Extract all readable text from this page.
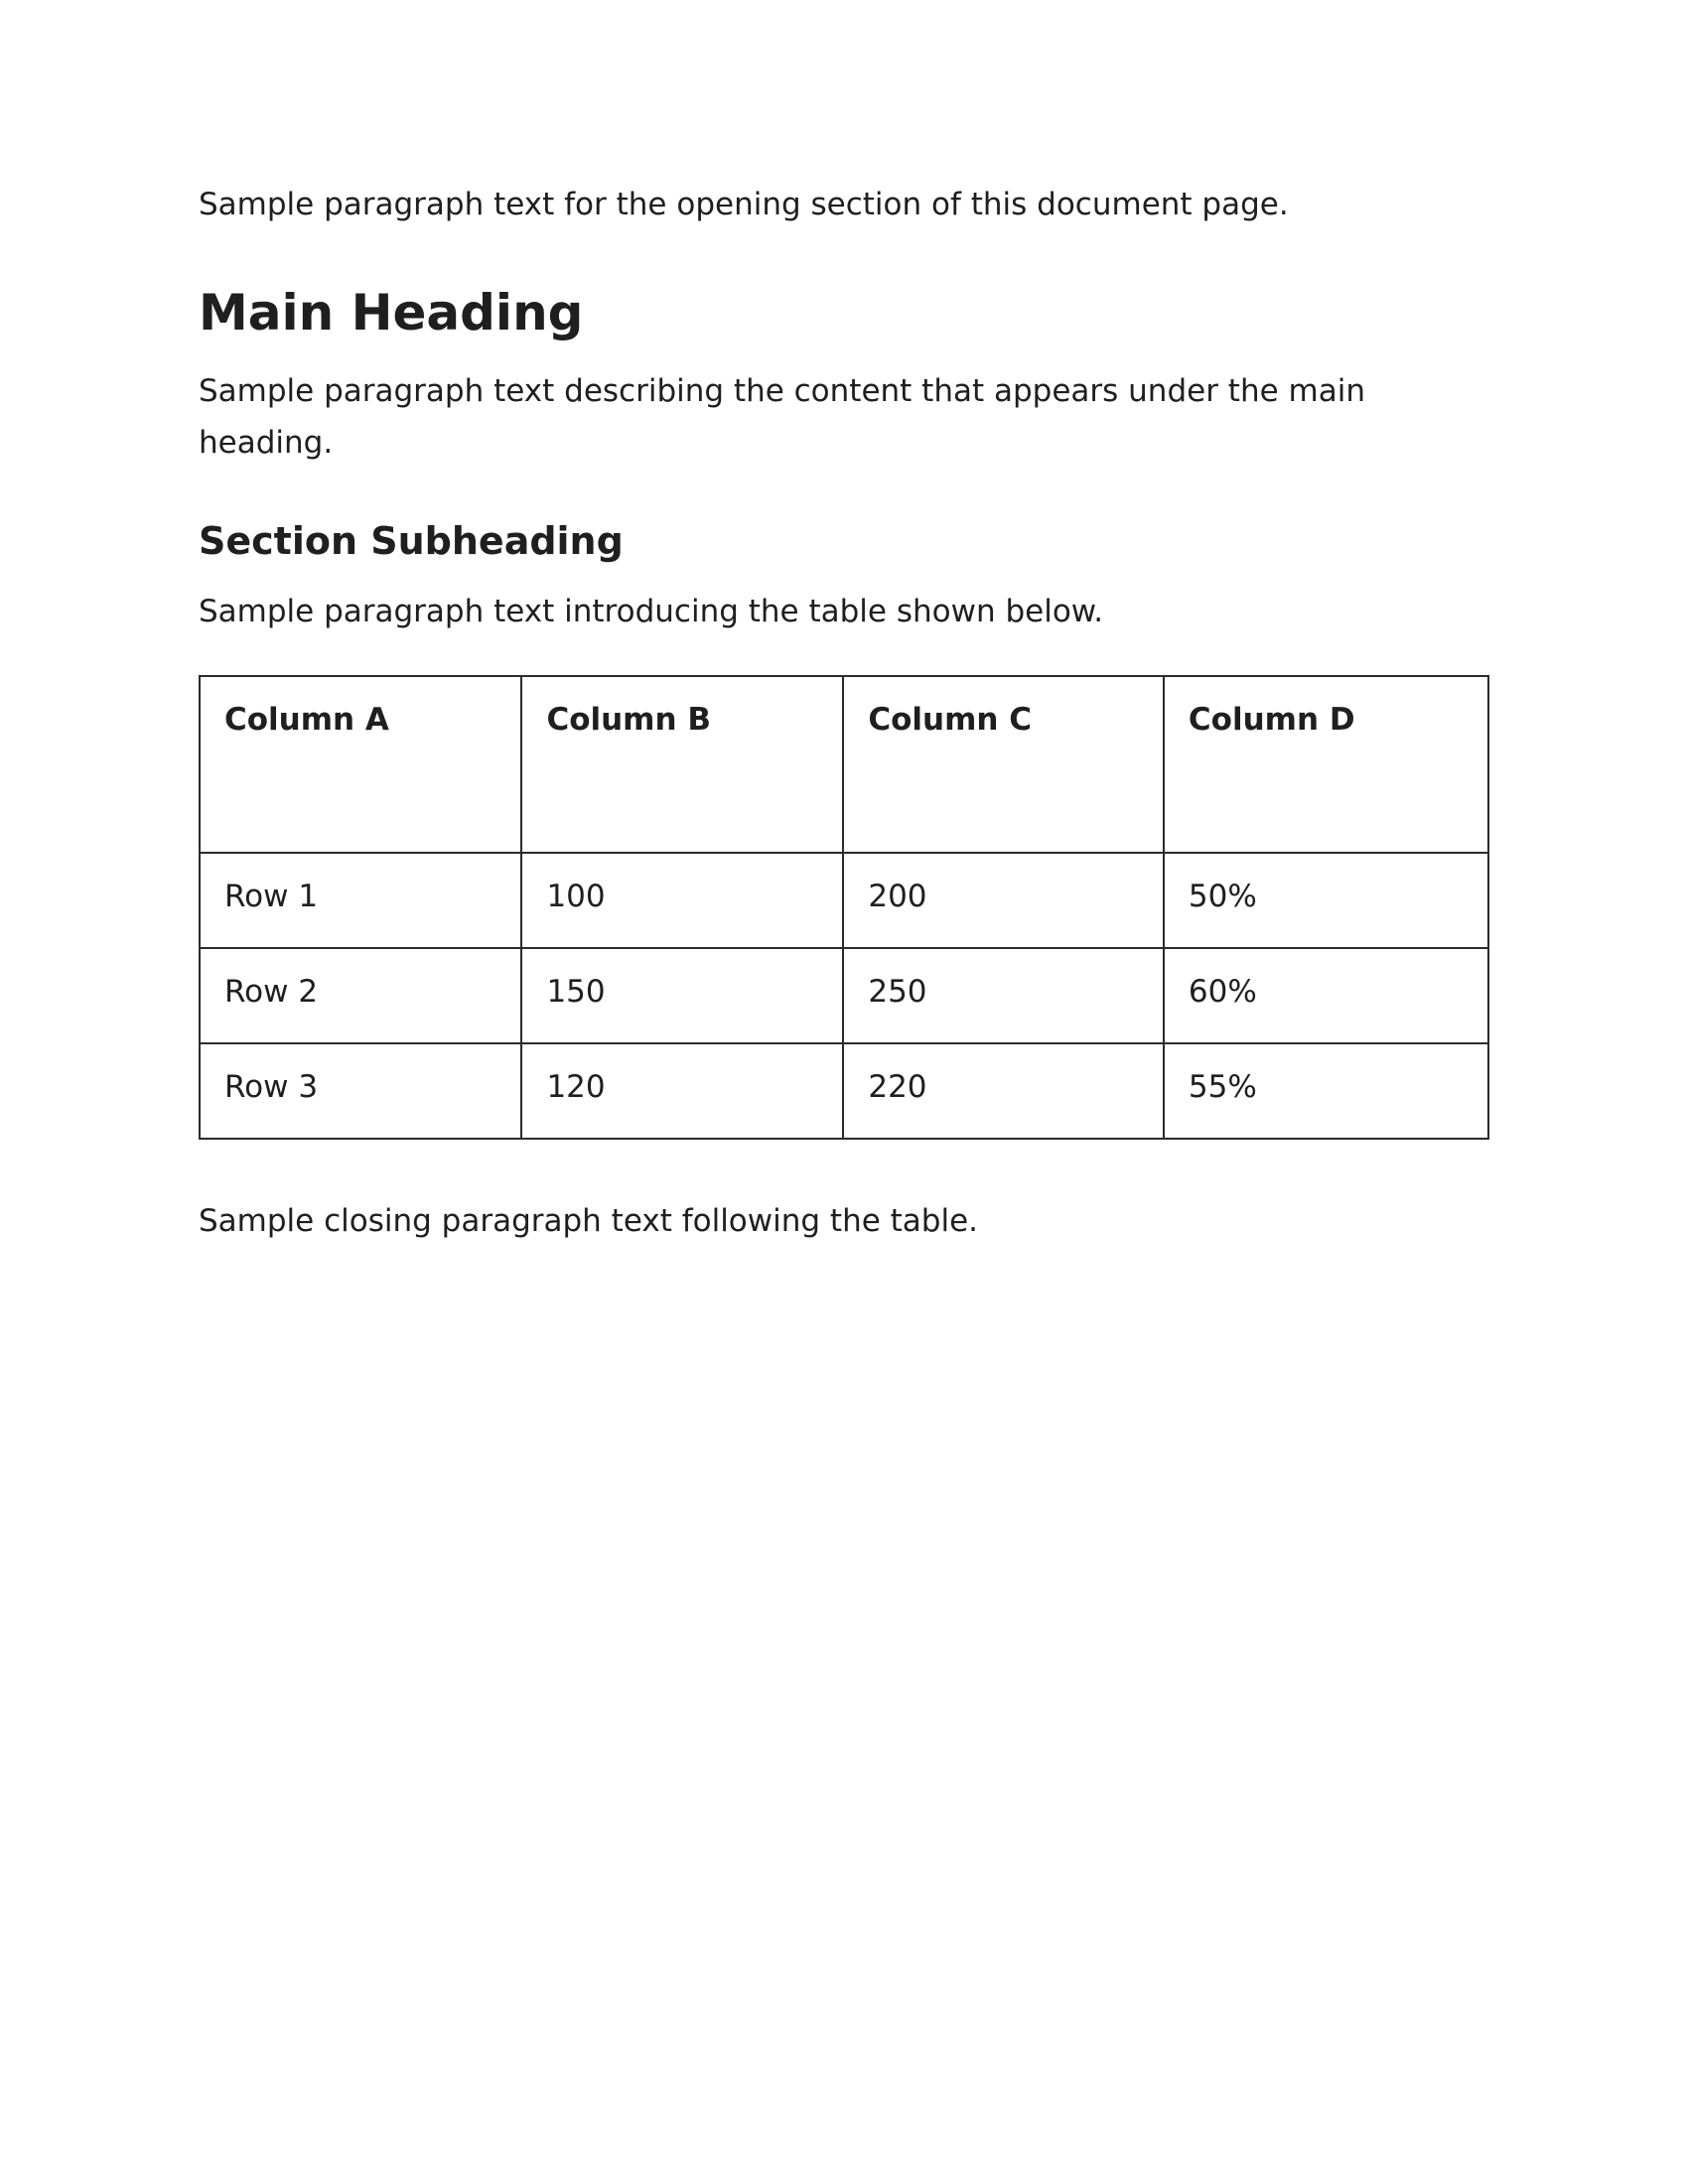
Sample paragraph text for the opening section of this document page.

Main Heading

Sample paragraph text describing the content that appears under the main heading.

Section Subheading

Sample paragraph text introducing the table shown below.

Column A	Column B	Column C	Column D
Row 1	100	200	50%
Row 2	150	250	60%
Row 3	120	220	55%

Sample closing paragraph text following the table.
